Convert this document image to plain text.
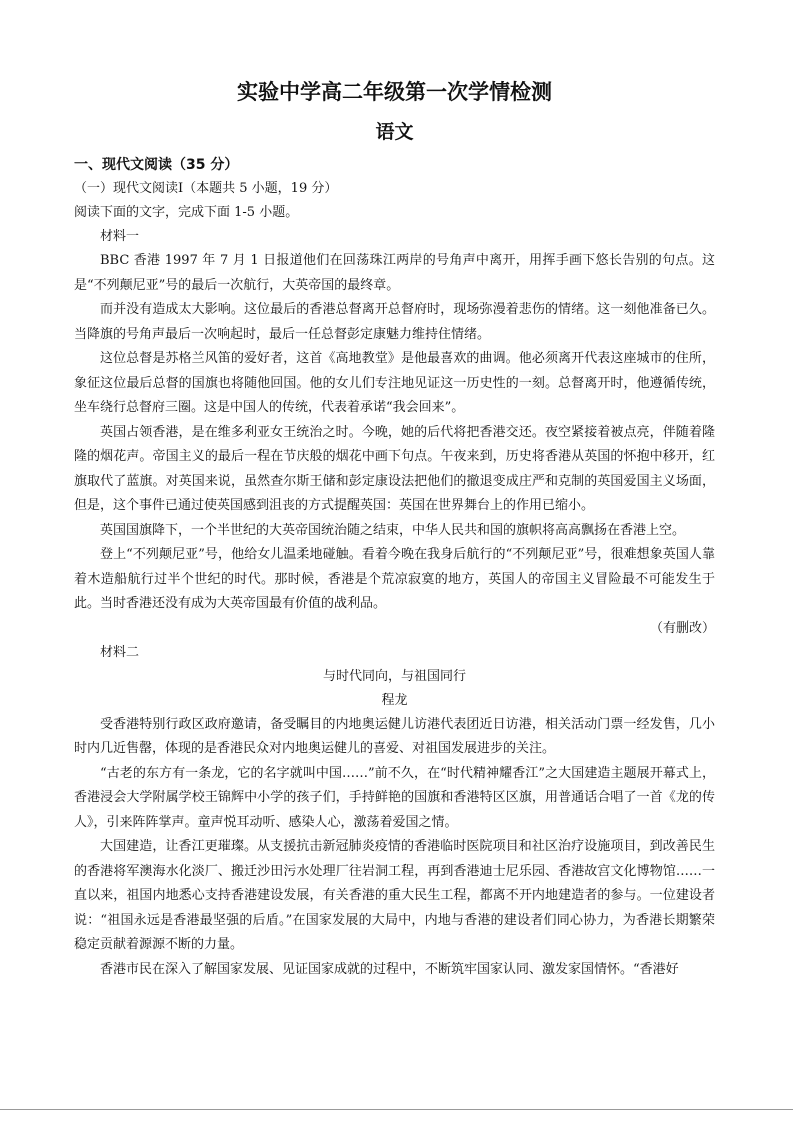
实验中学高二年级第一次学情检测
语文
一、现代文阅读（35 分）
（一）现代文阅读Ⅰ（本题共 5 小题，19 分）
阅读下面的文字，完成下面 1-5 小题。
材料一

BBC 香港 1997 年 7 月 1 日报道他们在回荡珠江两岸的号角声中离开，用挥手画下悠长告别的句点。这是“不列颠尼亚”号的最后一次航行，大英帝国的最终章。

而并没有造成太大影响。这位最后的香港总督离开总督府时，现场弥漫着悲伤的情绪。这一刻他准备已久。当降旗的号角声最后一次响起时，最后一任总督彭定康魅力维持住情绪。

这位总督是苏格兰风笛的爱好者，这首《高地教堂》是他最喜欢的曲调。他必须离开代表这座城市的住所，象征这位最后总督的国旗也将随他回国。他的女儿们专注地见证这一历史性的一刻。总督离开时，他遵循传统，坐车绕行总督府三圈。这是中国人的传统，代表着承诺“我会回来”。

英国占领香港，是在维多利亚女王统治之时。今晚，她的后代将把香港交还。夜空紧接着被点亮，伴随着隆隆的烟花声。帝国主义的最后一程在节庆般的烟花中画下句点。午夜来到，历史将香港从英国的怀抱中移开，红旗取代了蓝旗。对英国来说，虽然查尔斯王储和彭定康设法把他们的撤退变成庄严和克制的英国爱国主义场面，但是，这个事件已通过使英国感到沮丧的方式提醒英国：英国在世界舞台上的作用已缩小。

英国国旗降下，一个半世纪的大英帝国统治随之结束，中华人民共和国的旗帜将高高飘扬在香港上空。

登上“不列颠尼亚”号，他给女儿温柔地碰触。看着今晚在我身后航行的“不列颠尼亚”号，很难想象英国人靠着木造船航行过半个世纪的时代。那时候，香港是个荒凉寂寞的地方，英国人的帝国主义冒险最不可能发生于此。当时香港还没有成为大英帝国最有价值的战利品。

（有删改）
材料二
与时代同向，与祖国同行
程龙

受香港特别行政区政府邀请，备受瞩目的内地奥运健儿访港代表团近日访港，相关活动门票一经发售，几小时内几近售罄，体现的是香港民众对内地奥运健儿的喜爱、对祖国发展进步的关注。

“古老的东方有一条龙，它的名字就叫中国……”前不久，在“时代精神耀香江”之大国建造主题展开幕式上，香港浸会大学附属学校王锦辉中小学的孩子们，手持鲜艳的国旗和香港特区区旗，用普通话合唱了一首《龙的传人》，引来阵阵掌声。童声悦耳动听、感染人心，激荡着爱国之情。

大国建造，让香江更璀璨。从支援抗击新冠肺炎疫情的香港临时医院项目和社区治疗设施项目，到改善民生的香港将军澳海水化淡厂、搬迁沙田污水处理厂往岩洞工程，再到香港迪士尼乐园、香港故宫文化博物馆……一直以来，祖国内地悉心支持香港建设发展，有关香港的重大民生工程，都离不开内地建造者的参与。一位建设者说：“祖国永远是香港最坚强的后盾。”在国家发展的大局中，内地与香港的建设者们同心协力，为香港长期繁荣稳定贡献着源源不断的力量。

香港市民在深入了解国家发展、见证国家成就的过程中，不断筑牢国家认同、激发家国情怀。“香港好
